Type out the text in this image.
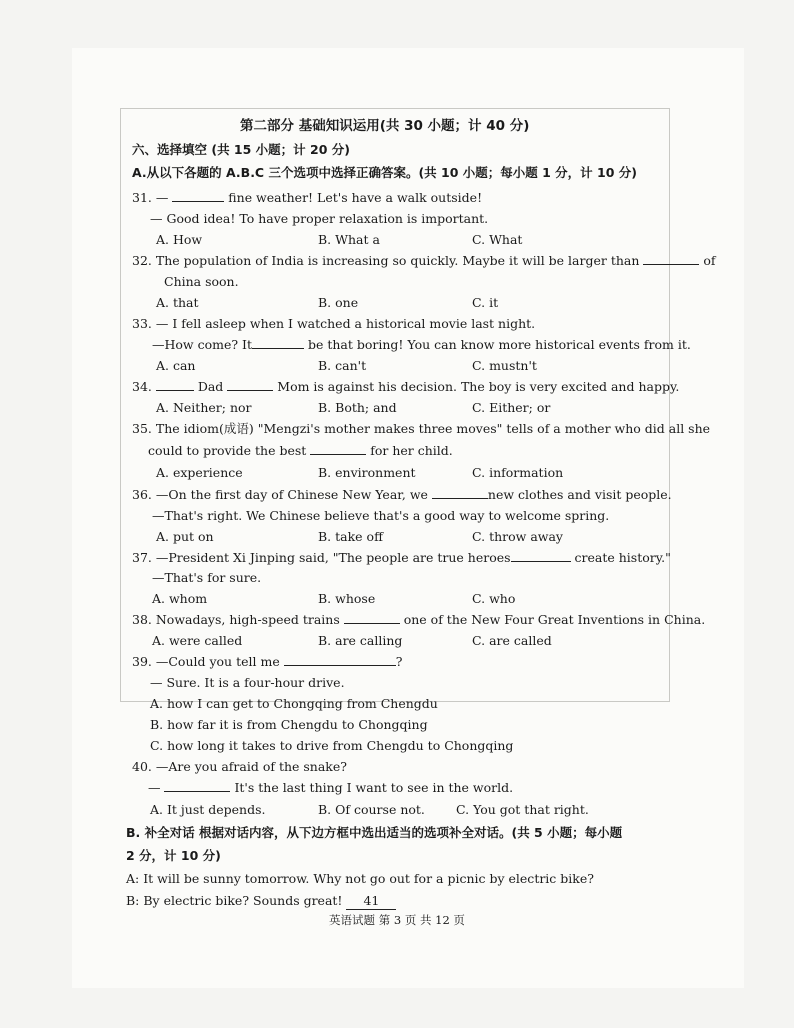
第二部分 基础知识运用(共 30 小题；计 40 分)
六、选择填空 (共 15 小题；计 20 分)
A.从以下各题的 A.B.C 三个选项中选择正确答案。(共 10 小题；每小题 1 分，计 10 分)
31. —	fine weather! Let's have a walk outside!
— Good idea! To have proper relaxation is important.
A. How	B. What a	C. What
32. The population of India is increasing so quickly. Maybe it will be larger than	of
China soon.
A. that	B. one	C. it
33. — I fell asleep when I watched a historical movie last night.
—How come? It	be that boring! You can know more historical events from it.
A. can	B. can't	C. mustn't
34.	Dad	Mom is against his decision. The boy is very excited and happy.
A. Neither; nor	B. Both; and	C. Either; or
35. The idiom(成语) "Mengzi's mother makes three moves" tells of a mother who did all she
could to provide the best	for her child.
A. experience	B. environment	C. information
36. —On the first day of Chinese New Year, we	new clothes and visit people.
—That's right. We Chinese believe that's a good way to welcome spring.
A. put on	B. take off	C. throw away
37. —President Xi Jinping said, "The people are true heroes	create history."
—That's for sure.
A. whom	B. whose	C. who
38. Nowadays, high-speed trains	one of the New Four Great Inventions in China.
A. were called	B. are calling	C. are called
39. —Could you tell me	?
— Sure. It is a four-hour drive.
A. how I can get to Chongqing from Chengdu
B. how far it is from Chengdu to Chongqing
C. how long it takes to drive from Chengdu to Chongqing
40. —Are you afraid of the snake?
—	It's the last thing I want to see in the world.
A. It just depends.	B. Of course not. C. You got that right.
B. 补全对话 根据对话内容，从下边方框中选出适当的选项补全对话。(共 5 小题；每小题
2 分，计 10 分)
A: It will be sunny tomorrow. Why not go out for a picnic by electric bike?
B: By electric bike? Sounds great! 41
英语试题 第 3 页 共 12 页
